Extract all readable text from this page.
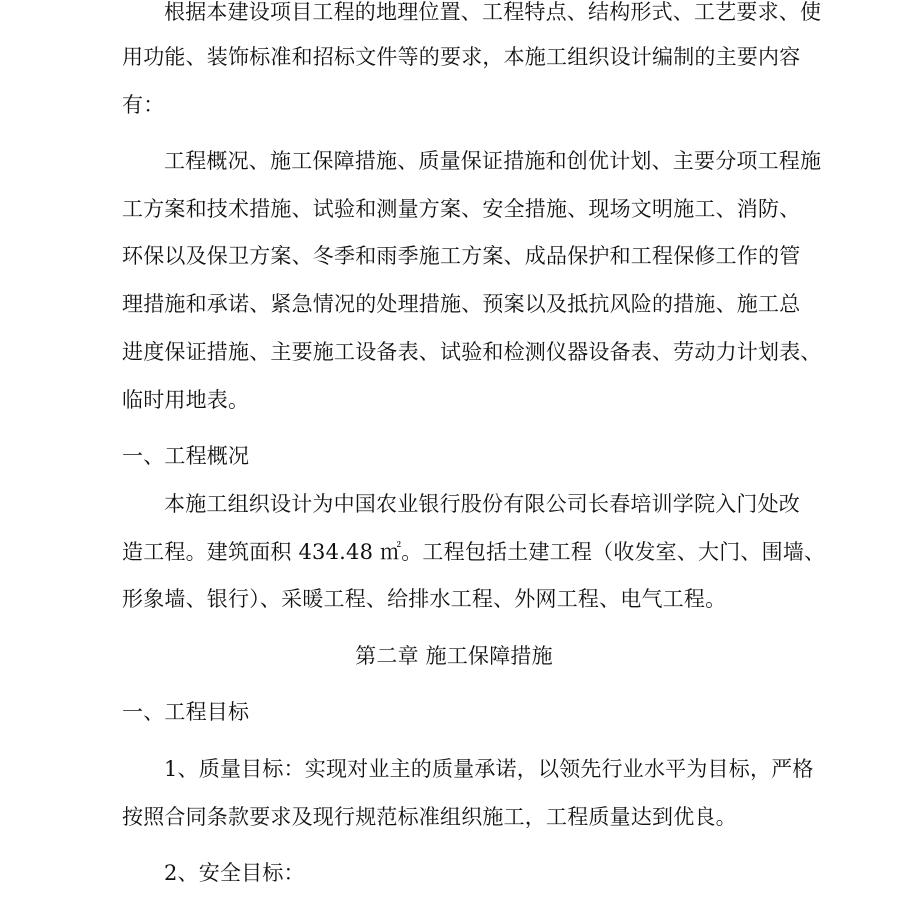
根据本建设项目工程的地理位置、工程特点、结构形式、工艺要求、使
用功能、装饰标准和招标文件等的要求，本施工组织设计编制的主要内容
有：
工程概况、施工保障措施、质量保证措施和创优计划、主要分项工程施
工方案和技术措施、试验和测量方案、安全措施、现场文明施工、消防、
环保以及保卫方案、冬季和雨季施工方案、成品保护和工程保修工作的管
理措施和承诺、紧急情况的处理措施、预案以及抵抗风险的措施、施工总
进度保证措施、主要施工设备表、试验和检测仪器设备表、劳动力计划表、
临时用地表。
一、工程概况
本施工组织设计为中国农业银行股份有限公司长春培训学院入门处改
造工程。建筑面积 434.48 ㎡。工程包括土建工程（收发室、大门、围墙、
形象墙、银行）、采暖工程、给排水工程、外网工程、电气工程。
第二章 施工保障措施
一、工程目标
1、质量目标：实现对业主的质量承诺，以领先行业水平为目标，严格
按照合同条款要求及现行规范标准组织施工，工程质量达到优良。
2、安全目标：
